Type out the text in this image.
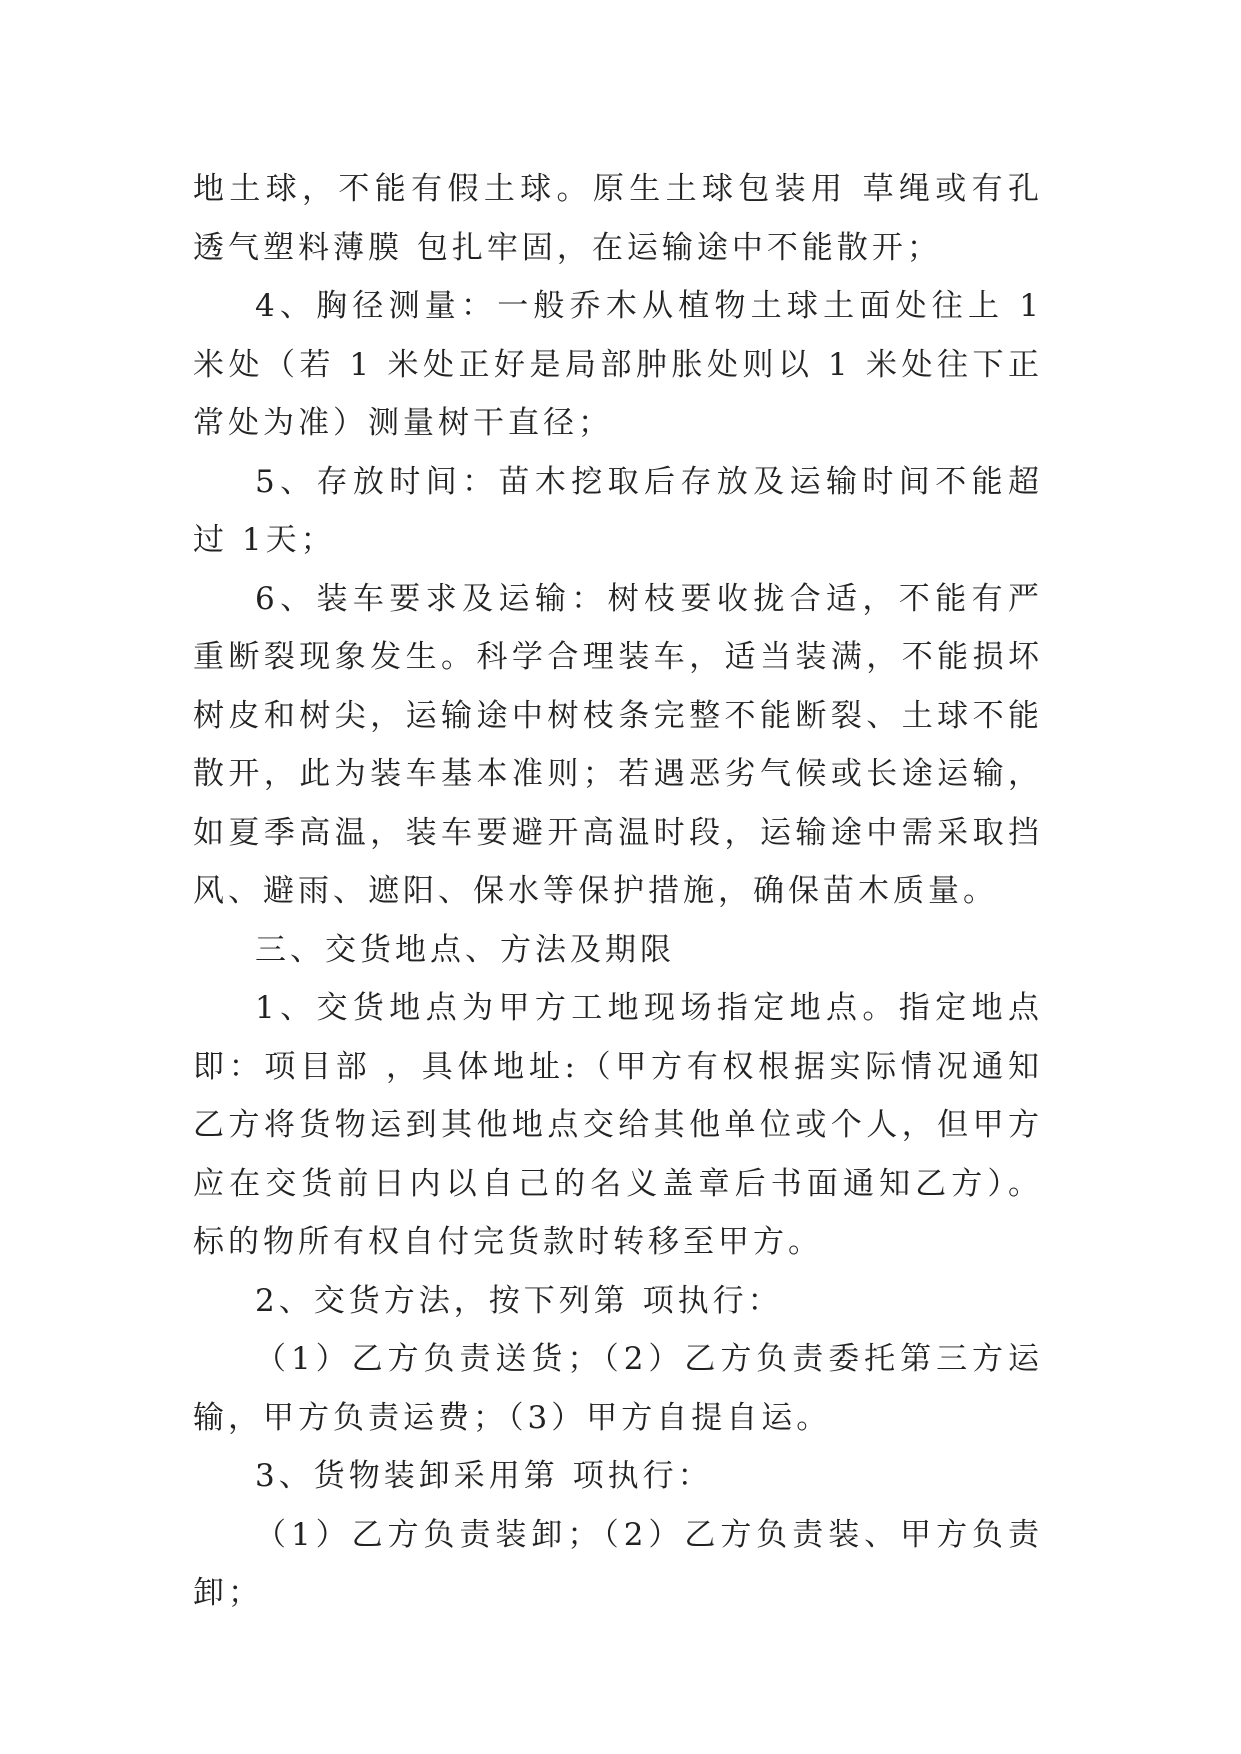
地土球，不能有假土球。原生土球包装用 草绳或有孔透气塑料薄膜 包扎牢固，在运输途中不能散开；

4、胸径测量：一般乔木从植物土球土面处往上 1 米处（若 1 米处正好是局部肿胀处则以 1 米处往下正常处为准）测量树干直径；

5、存放时间：苗木挖取后存放及运输时间不能超过 1天；

6、装车要求及运输：树枝要收拢合适，不能有严重断裂现象发生。科学合理装车，适当装满，不能损坏树皮和树尖，运输途中树枝条完整不能断裂、土球不能散开，此为装车基本准则；若遇恶劣气候或长途运输，如夏季高温，装车要避开高温时段，运输途中需采取挡风、避雨、遮阳、保水等保护措施，确保苗木质量。

三、交货地点、方法及期限

1、交货地点为甲方工地现场指定地点。指定地点即：项目部 ，具体地址:（甲方有权根据实际情况通知乙方将货物运到其他地点交给其他单位或个人，但甲方应在交货前日内以自己的名义盖章后书面通知乙方）。标的物所有权自付完货款时转移至甲方。

2、交货方法，按下列第 项执行：

（1）乙方负责送货；（2）乙方负责委托第三方运输，甲方负责运费；（3）甲方自提自运。

3、货物装卸采用第 项执行：

（1）乙方负责装卸；（2）乙方负责装、甲方负责卸；
